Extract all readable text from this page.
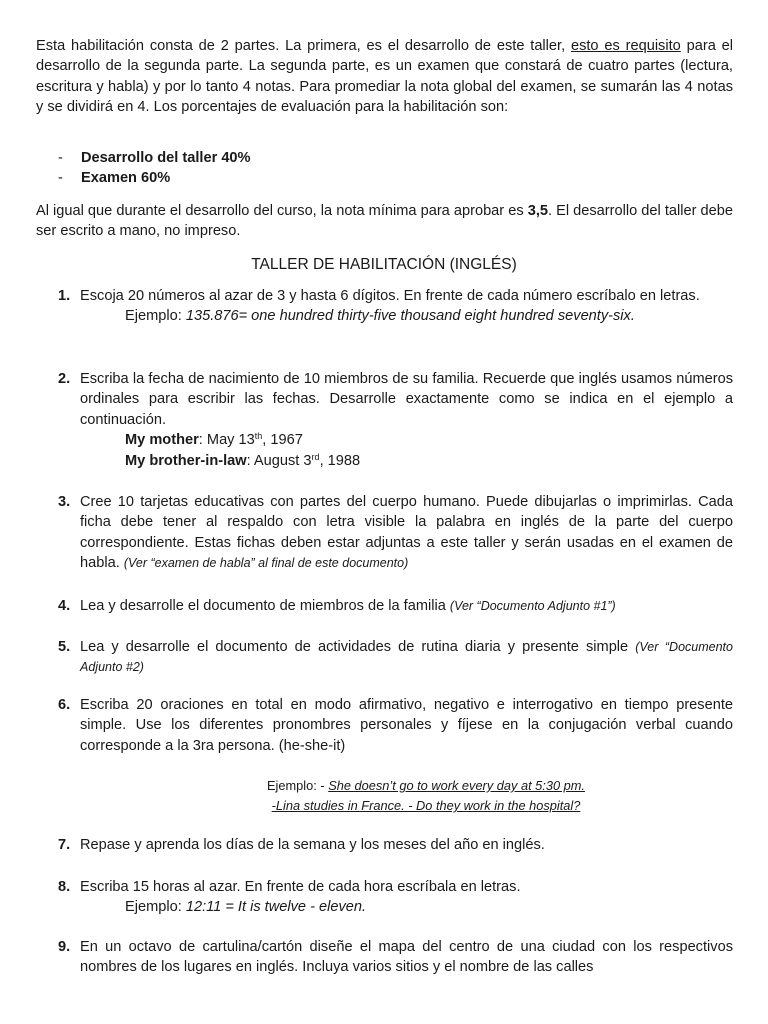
Esta habilitación consta de 2 partes. La primera, es el desarrollo de este taller, esto es requisito para el desarrollo de la segunda parte. La segunda parte, es un examen que constará de cuatro partes (lectura, escritura y habla) y por lo tanto 4 notas. Para promediar la nota global del examen, se sumarán las 4 notas y se dividirá en 4. Los porcentajes de evaluación para la habilitación son:

- Desarrollo del taller 40%
- Examen 60%

Al igual que durante el desarrollo del curso, la nota mínima para aprobar es 3,5. El desarrollo del taller debe ser escrito a mano, no impreso.

TALLER DE HABILITACIÓN (INGLÉS)
1. Escoja 20 números al azar de 3 y hasta 6 dígitos. En frente de cada número escríbalo en letras.
Ejemplo: 135.876= one hundred thirty-five thousand eight hundred seventy-six.
2. Escriba la fecha de nacimiento de 10 miembros de su familia. Recuerde que inglés usamos números ordinales para escribir las fechas. Desarrolle exactamente como se indica en el ejemplo a continuación.
My mother: May 13th, 1967
My brother-in-law: August 3rd, 1988
3. Cree 10 tarjetas educativas con partes del cuerpo humano. Puede dibujarlas o imprimirlas. Cada ficha debe tener al respaldo con letra visible la palabra en inglés de la parte del cuerpo correspondiente. Estas fichas deben estar adjuntas a este taller y serán usadas en el examen de habla. (Ver “examen de habla” al final de este documento)
4. Lea y desarrolle el documento de miembros de la familia (Ver “Documento Adjunto #1”)
5. Lea y desarrolle el documento de actividades de rutina diaria y presente simple (Ver “Documento Adjunto #2)
6. Escriba 20 oraciones en total en modo afirmativo, negativo e interrogativo en tiempo presente simple. Use los diferentes pronombres personales y fíjese en la conjugación verbal cuando corresponde a la 3ra persona. (he-she-it)

Ejemplo: - She doesn’t go to work every day at 5:30 pm.

-Lina studies in France. - Do they work in the hospital?

7. Repase y aprenda los días de la semana y los meses del año en inglés.
8. Escriba 15 horas al azar. En frente de cada hora escríbala en letras.
Ejemplo: 12:11 = It is twelve - eleven.
9. En un octavo de cartulina/cartón diseñe el mapa del centro de una ciudad con los respectivos nombres de los lugares en inglés. Incluya varios sitios y el nombre de las calles
